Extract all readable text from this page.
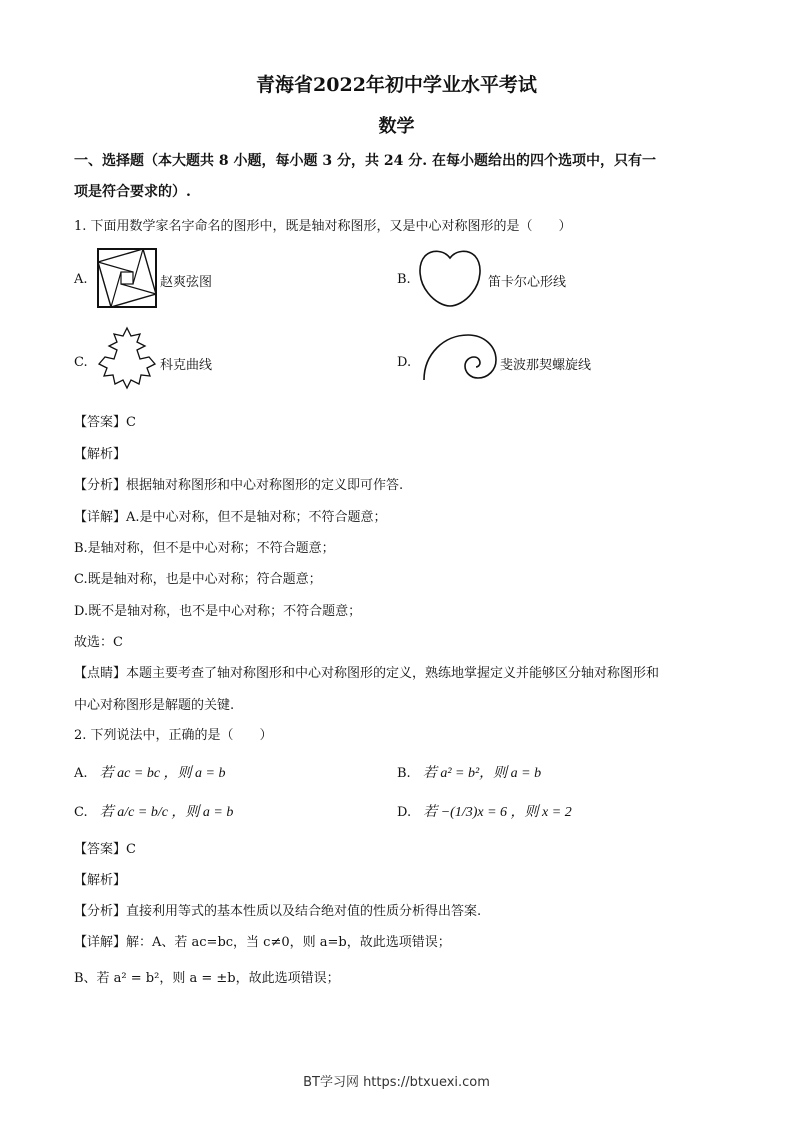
青海省2022年初中学业水平考试
数学
一、选择题（本大题共 8 小题，每小题 3 分，共 24 分. 在每小题给出的四个选项中，只有一
项是符合要求的）.
1. 下面用数学家名字命名的图形中，既是轴对称图形，又是中心对称图形的是（　　）
A.	赵爽弦图	B.	笛卡尔心形线
C.	科克曲线	D.	斐波那契螺旋线
【答案】C
【解析】
【分析】根据轴对称图形和中心对称图形的定义即可作答.
【详解】A.是中心对称，但不是轴对称；不符合题意；
B.是轴对称，但不是中心对称；不符合题意；
C.既是轴对称，也是中心对称；符合题意；
D.既不是轴对称，也不是中心对称；不符合题意；
故选：C
【点睛】本题主要考查了轴对称图形和中心对称图形的定义，熟练地掌握定义并能够区分轴对称图形和
中心对称图形是解题的关键.
2. 下列说法中，正确的是（　　）
A. 若 ac = bc ，则 a = b	B. 若 a² = b²，则 a = b
C. 若 a/c = b/c ，则 a = b	D. 若 −(1/3)x = 6 ，则 x = 2
【答案】C
【解析】
【分析】直接利用等式的基本性质以及结合绝对值的性质分析得出答案.
【详解】解：A、若 ac=bc，当 c≠0，则 a=b，故此选项错误；
B、若 a² = b²，则 a = ±b，故此选项错误；
BT学习网 https://btxuexi.com
